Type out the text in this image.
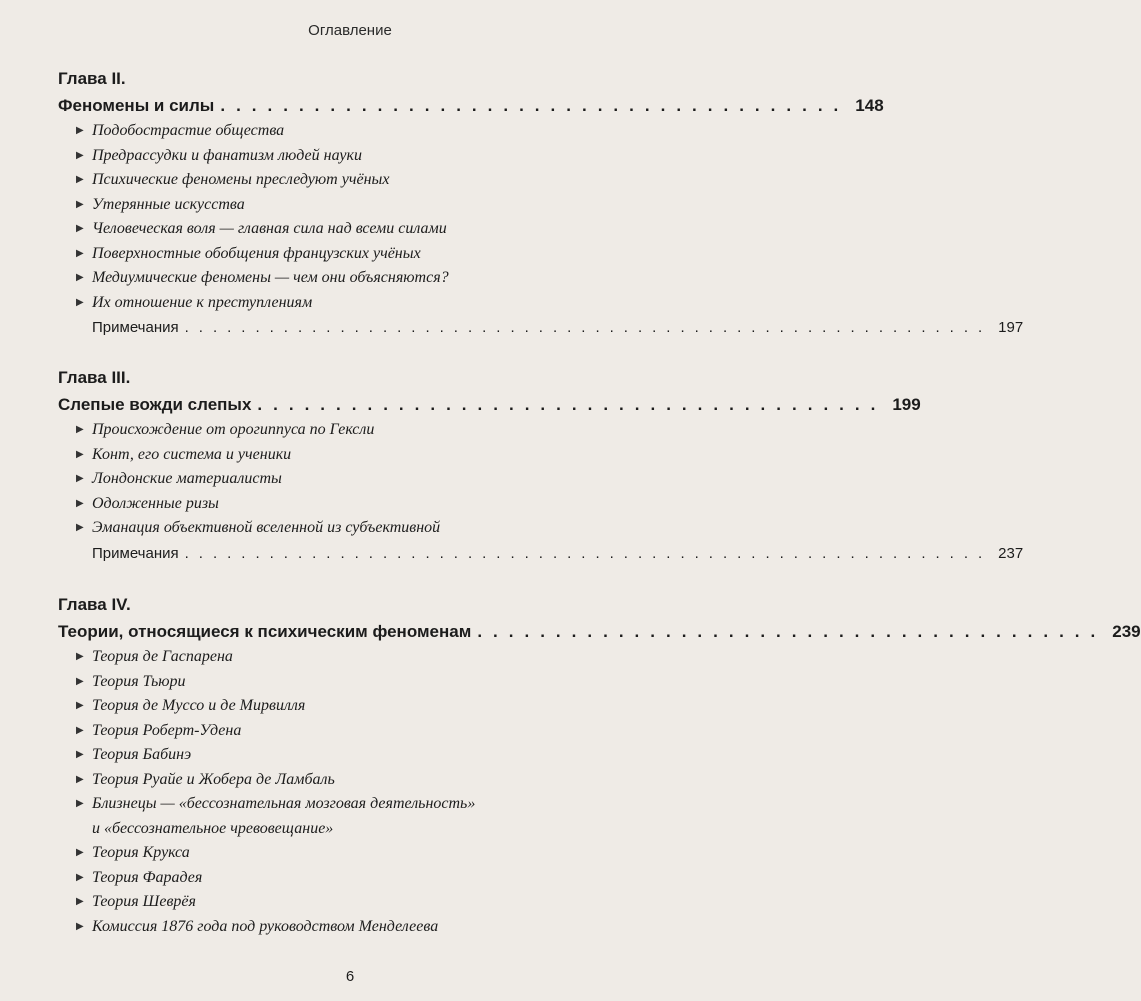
Оглавление
Глава II.
Феномены и силы ........................................ 148
▶ Подобострастие общества
▶ Предрассудки и фанатизм людей науки
▶ Психические феномены преследуют учёных
▶ Утерянные искусства
▶ Человеческая воля — главная сила над всеми силами
▶ Поверхностные обобщения французских учёных
▶ Медиумические феномены — чем они объясняются?
▶ Их отношение к преступлениям
Примечания ......................................................... 197
Глава III.
Слепые вожди слепых ........................................ 199
▶ Происхождение от орогиппуса по Гексли
▶ Конт, его система и ученики
▶ Лондонские материалисты
▶ Одолженные ризы
▶ Эманация объективной вселенной из субъективной
Примечания ......................................................... 237
Глава IV.
Теории, относящиеся к психическим феноменам ........................................ 239
▶ Теория де Гаспарена
▶ Теория Тьюри
▶ Теория де Муссо и де Мирвилля
▶ Теория Роберт-Удена
▶ Теория Бабинэ
▶ Теория Руайе и Жобера де Ламбаль
▶ Близнецы — «бессознательная мозговая деятельность»
и «бессознательное чревовещание»
▶ Теория Крукса
▶ Теория Фарадея
▶ Теория Шеврёя
▶ Комиссия 1876 года под руководством Менделеева
6
